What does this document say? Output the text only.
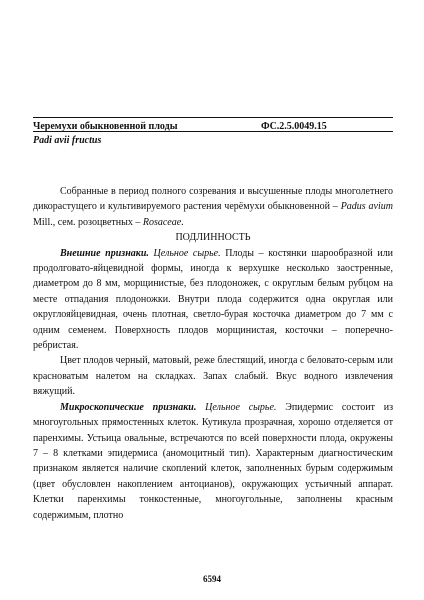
Черемухи обыкновенной плоды	ФС.2.5.0049.15
Padi avii fructus

Собранные в период полного созревания и высушенные плоды многолетнего дикорастущего и культивируемого растения черёмухи обыкновенной – Padus avium Mill., сем. розоцветных – Rosaceae.

ПОДЛИННОСТЬ

Внешние признаки. Цельное сырье. Плоды – костянки шарообразной или продолговато-яйцевидной формы, иногда к верхушке несколько заостренные, диаметром до 8 мм, морщинистые, без плодоножек, с округлым белым рубцом на месте отпадания плодоножки. Внутри плода содержится одна округлая или округлояйцевидная, очень плотная, светло-бурая косточка диаметром до 7 мм с одним семенем. Поверхность плодов морщинистая, косточки – поперечно-ребристая.

Цвет плодов черный, матовый, реже блестящий, иногда с беловато-серым или красноватым налетом на складках. Запах слабый. Вкус водного извлечения вяжущий.

Микроскопические признаки. Цельное сырье. Эпидермис состоит из многоугольных прямостенных клеток. Кутикула прозрачная, хорошо отделяется от паренхимы. Устьица овальные, встречаются по всей поверхности плода, окружены 7 – 8 клетками эпидермиса (аномоцитный тип). Характерным диагностическим признаком является наличие скоплений клеток, заполненных бурым содержимым (цвет обусловлен накоплением антоцианов), окружающих устьичный аппарат. Клетки паренхимы тонкостенные, многоугольные, заполнены красным содержимым, плотно

6594
